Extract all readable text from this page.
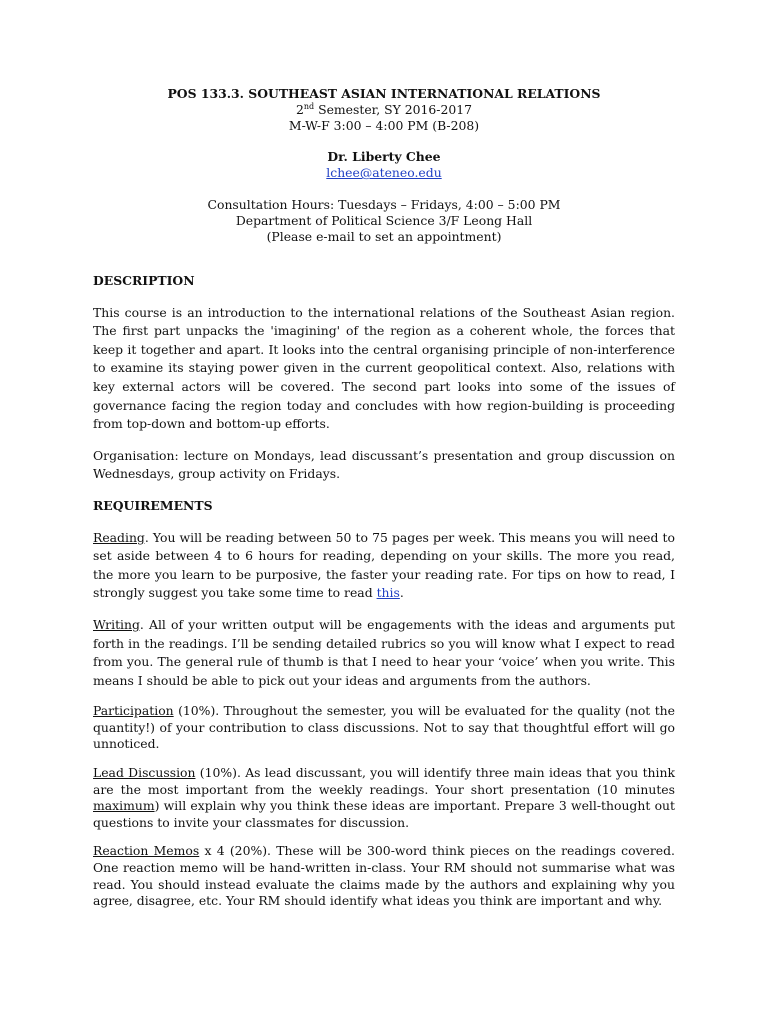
POS 133.3. SOUTHEAST ASIAN INTERNATIONAL RELATIONS
2nd Semester, SY 2016-2017
M-W-F 3:00 – 4:00 PM (B-208)
Dr. Liberty Chee
lchee@ateneo.edu
Consultation Hours: Tuesdays – Fridays, 4:00 – 5:00 PM
Department of Political Science 3/F Leong Hall
(Please e-mail to set an appointment)

DESCRIPTION

This course is an introduction to the international relations of the Southeast Asian region. The first part unpacks the 'imagining' of the region as a coherent whole, the forces that keep it together and apart. It looks into the central organising principle of non-interference to examine its staying power given in the current geopolitical context. Also, relations with key external actors will be covered. The second part looks into some of the issues of governance facing the region today and concludes with how region-building is proceeding from top-down and bottom-up efforts.

Organisation: lecture on Mondays, lead discussant’s presentation and group discussion on Wednesdays, group activity on Fridays.

REQUIREMENTS

Reading. You will be reading between 50 to 75 pages per week. This means you will need to set aside between 4 to 6 hours for reading, depending on your skills. The more you read, the more you learn to be purposive, the faster your reading rate. For tips on how to read, I strongly suggest you take some time to read this.

Writing. All of your written output will be engagements with the ideas and arguments put forth in the readings. I’ll be sending detailed rubrics so you will know what I expect to read from you. The general rule of thumb is that I need to hear your ‘voice’ when you write. This means I should be able to pick out your ideas and arguments from the authors.

Participation (10%). Throughout the semester, you will be evaluated for the quality (not the quantity!) of your contribution to class discussions. Not to say that thoughtful effort will go unnoticed.

Lead Discussion (10%). As lead discussant, you will identify three main ideas that you think are the most important from the weekly readings. Your short presentation (10 minutes maximum) will explain why you think these ideas are important. Prepare 3 well-thought out questions to invite your classmates for discussion.

Reaction Memos x 4 (20%). These will be 300-word think pieces on the readings covered. One reaction memo will be hand-written in-class. Your RM should not summarise what was read. You should instead evaluate the claims made by the authors and explaining why you agree, disagree, etc. Your RM should identify what ideas you think are important and why.
